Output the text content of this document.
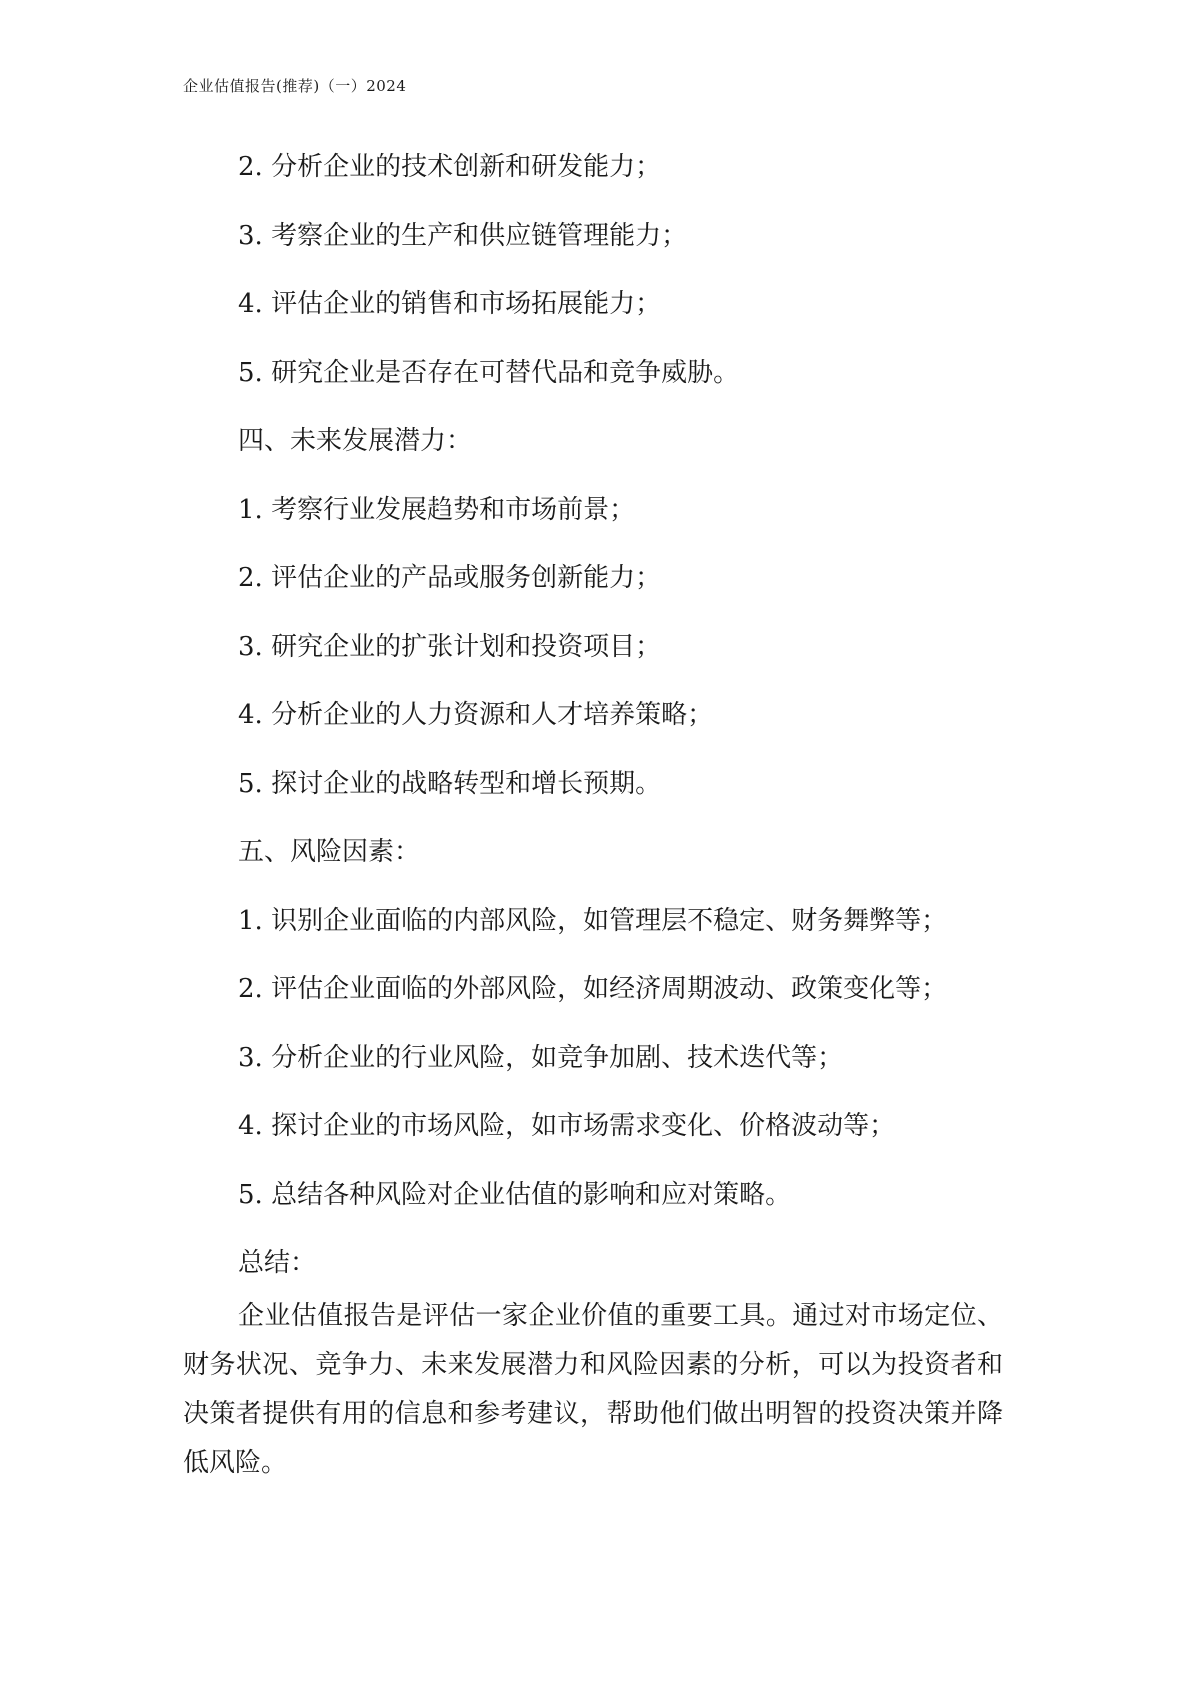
企业估值报告(推荐)（一）2024
2. 分析企业的技术创新和研发能力；
3. 考察企业的生产和供应链管理能力；
4. 评估企业的销售和市场拓展能力；
5. 研究企业是否存在可替代品和竞争威胁。
四、未来发展潜力：
1. 考察行业发展趋势和市场前景；
2. 评估企业的产品或服务创新能力；
3. 研究企业的扩张计划和投资项目；
4. 分析企业的人力资源和人才培养策略；
5. 探讨企业的战略转型和增长预期。
五、风险因素：
1. 识别企业面临的内部风险，如管理层不稳定、财务舞弊等；
2. 评估企业面临的外部风险，如经济周期波动、政策变化等；
3. 分析企业的行业风险，如竞争加剧、技术迭代等；
4. 探讨企业的市场风险，如市场需求变化、价格波动等；
5. 总结各种风险对企业估值的影响和应对策略。
总结：
企业估值报告是评估一家企业价值的重要工具。通过对市场定位、财务状况、竞争力、未来发展潜力和风险因素的分析，可以为投资者和决策者提供有用的信息和参考建议，帮助他们做出明智的投资决策并降低风险。
